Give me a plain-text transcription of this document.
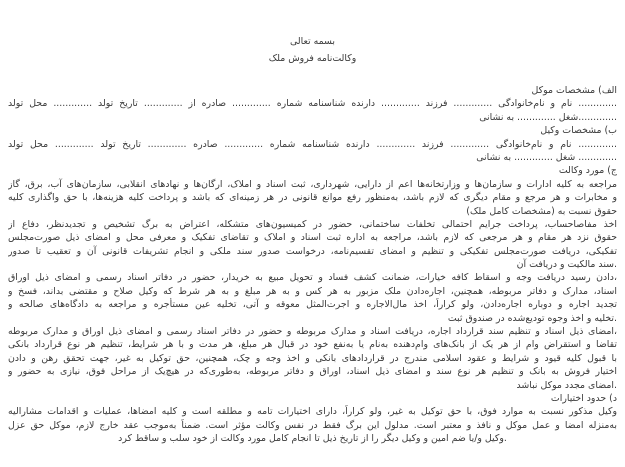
بسمه تعالی
وکالت‌نامه فروش ملک
الف) مشخصات موکل
............. نام و نام‌خانوادگی ............. فرزند ............. دارنده شناسنامه شماره ............. صادره از ............. تاریخ تولد ............. محل تولد
.............شغل ............. به نشانی
ب) مشخصات وکیل
............. نام و نام‌خانوادگی ............. فرزند ............. دارنده شناسنامه شماره ............. صادره ............. تاریخ تولد ............. محل تولد
............. شغل ............. به نشانی
ج) مورد وکالت
مراجعه به کلیه ادارات و سازمان‌ها و وزارتخانه‌ها اعم از دارایی، شهرداری، ثبت اسناد و املاک، ارگان‌ها و نهادهای انقلابی، سازمان‌های آب، برق، گاز
و مخابرات و هر مرجع و مقام دیگری که لازم باشد، به‌منظور رفع موانع قانونی در هر زمینه‌ای که باشد و پرداخت کلیه هزینه‌ها، با حق واگذاری کلیه
حقوق نسبت به (مشخصات کامل ملک)
اخذ مفاصاحساب، پرداخت جرایم احتمالی تخلفات ساختمانی، حضور در کمیسیون‌های متشکله، اعتراض به برگ تشخیص و تجدیدنظر، دفاع از
حقوق نزد هر مقام و هر مرجعی که لازم باشد، مراجعه به اداره ثبت اسناد و املاک و تقاضای تفکیک و معرفی محل و امضای ذیل صورت‌مجلس
تفکیکی، دریافت صورت‌مجلس تفکیکی و تنظیم و امضای تقسیم‌نامه، درخواست صدور سند ملکی و انجام تشریفات قانونی آن و تعقیب تا صدور
.سند مالکیت و دریافت آن
،دادن رسید دریافت وجه و اسقاط کافه خیارات، ضمانت کشف فساد و تحویل مبیع به خریدار، حضور در دفاتر اسناد رسمی و امضای ذیل اوراق
اسناد، مدارک و دفاتر مربوطه، همچنین، اجاره‌دادن ملک مزبور به هر کس و به هر مبلغ و به هر شرط که وکیل صلاح و مقتضی بداند، فسخ و
تجدید اجاره و دوباره اجاره‌دادن، ولو کراراً، اخذ مال‌الاجاره و اجرت‌المثل معوقه و آتی، تخلیه عین مستأجره و مراجعه به دادگاه‌های صالحه و
.تخلیه و اخذ وجوه تودیع‌شده در صندوق ثبت
،امضای ذیل اسناد و تنظیم سند قرارداد اجاره، دریافت اسناد و مدارک مربوطه و حضور در دفاتر اسناد رسمی و امضای ذیل اوراق و مدارک مربوطه
تقاضا و استقراض وام از هر یک از بانک‌های وام‌دهنده به‌نام یا به‌نفع خود در قبال هر مبلغ، هر مدت و با هر شرایط، تنظیم هر نوع قرارداد بانکی
با قبول کلیه قیود و شرایط و عقود اسلامی مندرج در قراردادهای بانکی و اخذ وجه و چک، همچنین، حق توکیل به غیر، جهت تحقق رهن و دادن
اختیار فروش به بانک و تنظیم هر نوع سند و امضای ذیل اسناد، اوراق و دفاتر مربوطه، به‌طوری‌که در هیچ‌یک از مراحل فوق، نیازی به حضور و
.امضای مجدد موکل نباشد
د) حدود اختیارات
وکیل مذکور نسبت به موارد فوق، با حق توکیل به غیر، ولو کراراً، دارای اختیارات تامه و مطلقه است و کلیه امضاها، عملیات و اقدامات مشارالیه
به‌منزله امضا و عمل موکل و نافذ و معتبر است. مدلول این برگ فقط در نفس وکالت مؤثر است. ضمناً به‌موجب عقد خارج لازم، موکل حق عزل
.وکیل و/یا ضم امین و وکیل دیگر را از تاریخ ذیل تا انجام کامل مورد وکالت از خود سلب و ساقط کرد
